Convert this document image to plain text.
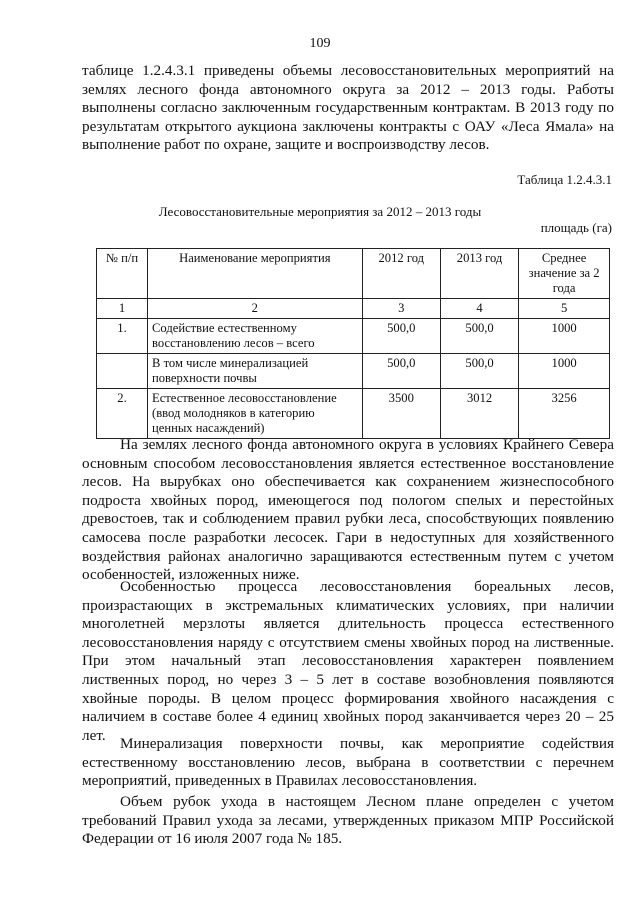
109

таблице 1.2.4.3.1 приведены объемы лесовосстановительных мероприятий на землях лесного фонда автономного округа за 2012 – 2013 годы. Работы выполнены согласно заключенным государственным контрактам. В 2013 году по результатам открытого аукциона заключены контракты с ОАУ «Леса Ямала» на выполнение работ по охране, защите и воспроизводству лесов.

Таблица 1.2.4.3.1
Лесовосстановительные мероприятия за 2012 – 2013 годы
площадь (га)
№ п/п	Наименование мероприятия	2012 год	2013 год	Среднее значение за 2 года
1	2	3	4	5
1.	Содействие естественному восстановлению лесов – всего	500,0	500,0	1000
	В том числе минерализацией поверхности почвы	500,0	500,0	1000
2.	Естественное лесовосстановление (ввод молодняков в категорию ценных насаждений)	3500	3012	3256

На землях лесного фонда автономного округа в условиях Крайнего Севера основным способом лесовосстановления является естественное восстановление лесов. На вырубках оно обеспечивается как сохранением жизнеспособного подроста хвойных пород, имеющегося под пологом спелых и перестойных древостоев, так и соблюдением правил рубки леса, способствующих появлению самосева после разработки лесосек. Гари в недоступных для хозяйственного воздействия районах аналогично заращиваются естественным путем с учетом особенностей, изложенных ниже.

Особенностью процесса лесовосстановления бореальных лесов, произрастающих в экстремальных климатических условиях, при наличии многолетней мерзлоты является длительность процесса естественного лесовосстановления наряду с отсутствием смены хвойных пород на лиственные. При этом начальный этап лесовосстановления характерен появлением лиственных пород, но через 3 – 5 лет в составе возобновления появляются хвойные породы. В целом процесс формирования хвойного насаждения с наличием в составе более 4 единиц хвойных пород заканчивается через 20 – 25 лет. Минерализация поверхности почвы, как мероприятие содействия естественному восстановлению лесов, выбрана в соответствии с перечнем мероприятий, приведенных в Правилах лесовосстановления.

Объем рубок ухода в настоящем Лесном плане определен с учетом требований Правил ухода за лесами, утвержденных приказом МПР Российской Федерации от 16 июля 2007 года № 185.
